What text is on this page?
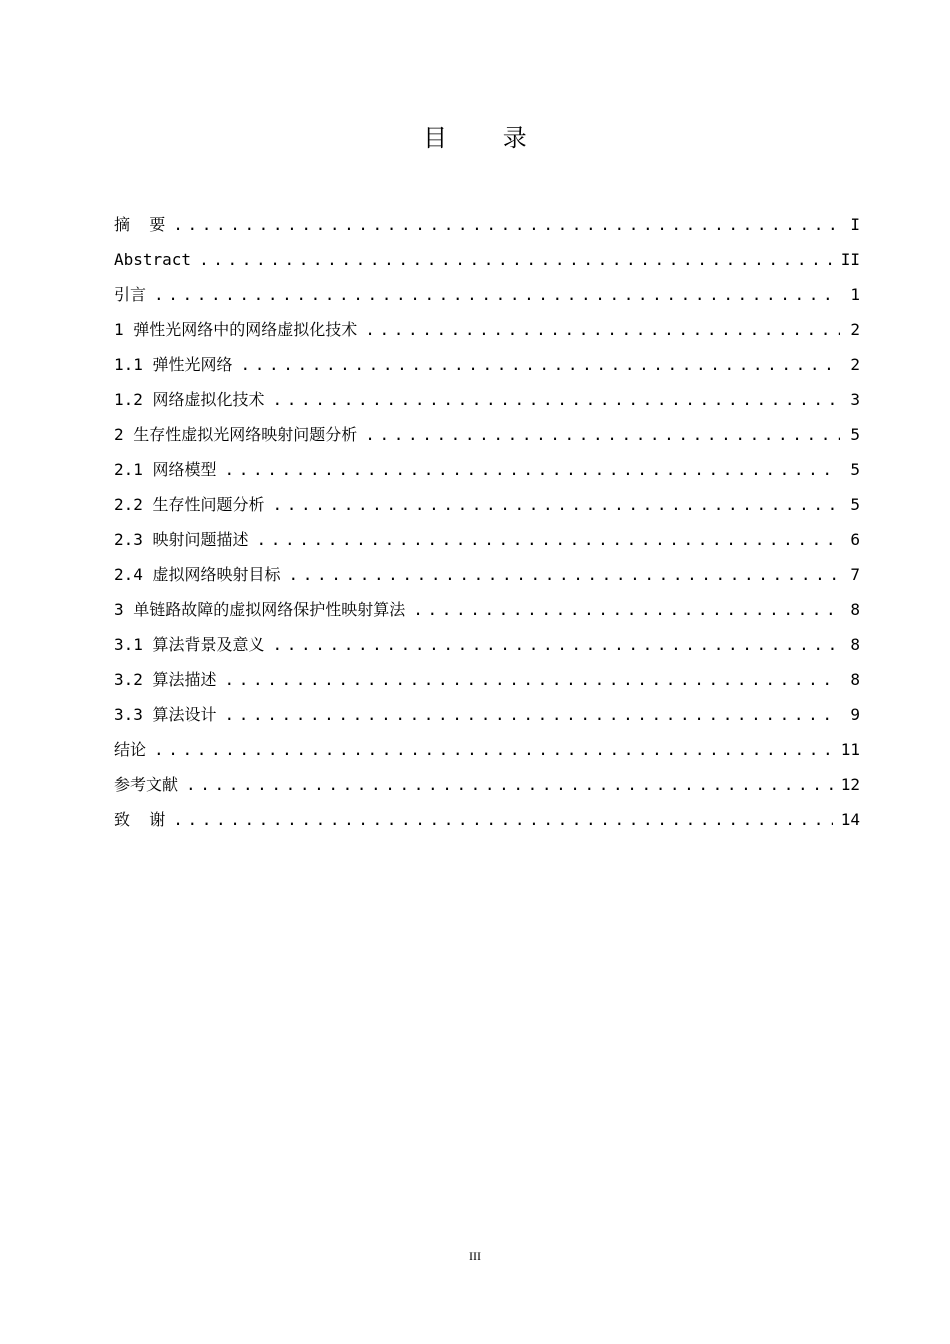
目 录
摘  要 .....	I
Abstract .....	II
引言 .....	1
1 弹性光网络中的网络虚拟化技术 .....	2
1.1 弹性光网络 .....	2
1.2 网络虚拟化技术 .....	3
2 生存性虚拟光网络映射问题分析 .....	5
2.1 网络模型 .....	5
2.2 生存性问题分析 .....	5
2.3 映射问题描述 .....	6
2.4 虚拟网络映射目标 .....	7
3 单链路故障的虚拟网络保护性映射算法 .....	8
3.1 算法背景及意义 .....	8
3.2 算法描述 .....	8
3.3 算法设计 .....	9
结论 .....	11
参考文献 .....	12
致  谢 .....	14
III
